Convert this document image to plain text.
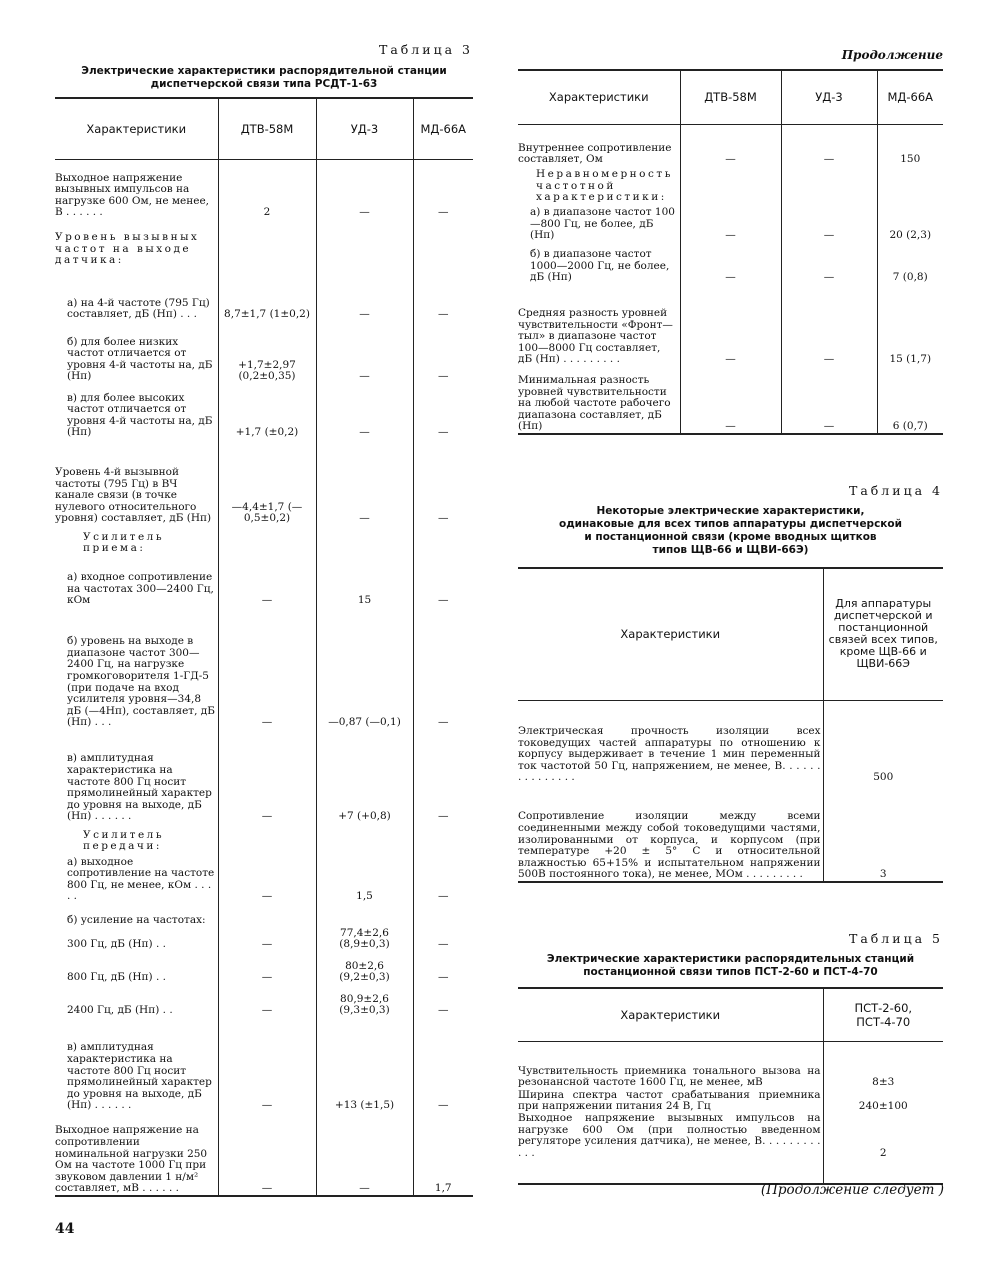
Таблица 3
Электрические характеристики распорядительной станции
диспетчерской связи типа РСДТ-1-63
Характеристики	ДТВ-58М	УД-3	МД-66А
Выходное напряжение вызывных импульсов на нагрузке 600 Ом, не менее, В . . . . . .	2	—	—
Уровень вызывных частот на выходе датчика:			
а) на 4-й частоте (795 Гц) составляет, дБ (Нп) . . .	8,7±1,7 (1±0,2)	—	—
б) для более низких частот отличается от уровня 4-й частоты на, дБ (Нп)	+1,7±2,97 (0,2±0,35)	—	—
в) для более высоких частот отличается от уровня 4-й частоты на, дБ (Нп)	+1,7 (±0,2)	—	—
Уровень 4-й вызывной частоты (795 Гц) в ВЧ канале связи (в точке нулевого относительного уровня) составляет, дБ (Нп)	—4,4±1,7 (—0,5±0,2)	—	—
Усилитель приема:			
а) входное сопротивление на частотах 300—2400 Гц, кОм	—	15	—
б) уровень на выходе в диапазоне частот 300—2400 Гц, на нагрузке громкоговорителя 1-ГД-5 (при подаче на вход усилителя уровня—34,8 дБ (—4Нп), составляет, дБ (Нп) . . .	—	—0,87 (—0,1)	—
в) амплитудная характеристика на частоте 800 Гц носит прямолинейный характер до уровня на выходе, дБ (Нп) . . . . . .	—	+7 (+0,8)	—
Усилитель передачи:			
а) выходное сопротивление на частоте 800 Гц, не менее, кОм . . . . .	—	1,5	—
б) усиление на частотах:			
300 Гц, дБ (Нп) . .	—	77,4±2,6 (8,9±0,3)	—
800 Гц, дБ (Нп) . .	—	80±2,6 (9,2±0,3)	—
2400 Гц, дБ (Нп) . .	—	80,9±2,6 (9,3±0,3)	—
в) амплитудная характеристика на частоте 800 Гц носит прямолинейный характер до уровня на выходе, дБ (Нп) . . . . . .	—	+13 (±1,5)	—
Выходное напряжение на сопротивлении номинальной нагрузки 250 Ом на частоте 1000 Гц при звуковом давлении 1 н/м² составляет, мВ . . . . . .	—	—	1,7
Продолжение
Характеристики	ДТВ-58М	УД-3	МД-66А
Внутреннее сопротивление составляет, Ом	—	—	150
Неравномерность частотной характеристики:			
а) в диапазоне частот 100—800 Гц, не более, дБ (Нп)	—	—	20 (2,3)
б) в диапазоне частот 1000—2000 Гц, не более, дБ (Нп)	—	—	7 (0,8)
Средняя разность уровней чувствительности «Фронт—тыл» в диапазоне частот 100—8000 Гц составляет, дБ (Нп) . . . . . . . . .	—	—	15 (1,7)
Минимальная разность уровней чувствительности на любой частоте рабочего диапазона составляет, дБ (Нп)	—	—	6 (0,7)
Таблица 4
Некоторые электрические характеристики,
одинаковые для всех типов аппаратуры диспетчерской
и постанционной связи (кроме вводных щитков
типов ЩВ-66 и ЩВИ-66Э)
Характеристики	Для аппаратуры диспетчерской и постанционной связей всех типов, кроме ЩВ-66 и ЩВИ-66Э
Электрическая прочность изоляции всех токоведущих частей аппаратуры по отношению к корпусу выдерживает в течение 1 мин переменный ток частотой 50 Гц, напряжением, не менее, В. . . . . . . . . . . . . . .	500
Сопротивление изоляции между всеми соединенными между собой токоведущими частями, изолированными от корпуса, и корпусом (при температуре +20 ± 5° С и относительной влажностью 65+15% и испытательном напряжении 500В постоянного тока), не менее, МОм . . . . . . . . .	3
Таблица 5
Электрические характеристики распорядительных станций
постанционной связи типов ПСТ-2-60 и ПСТ-4-70
Характеристики	ПСТ-2-60, ПСТ-4-70
Чувствительность приемника тонального вызова на резонансной частоте 1600 Гц, не менее, мВ	8±3
Ширина спектра частот срабатывания приемника при напряжении питания 24 В, Гц	240±100
Выходное напряжение вызывных импульсов на нагрузке 600 Ом (при полностью введенном регуляторе усиления датчика), не менее, В. . . . . . . . . . . .	2
(Продолжение следует )
44
